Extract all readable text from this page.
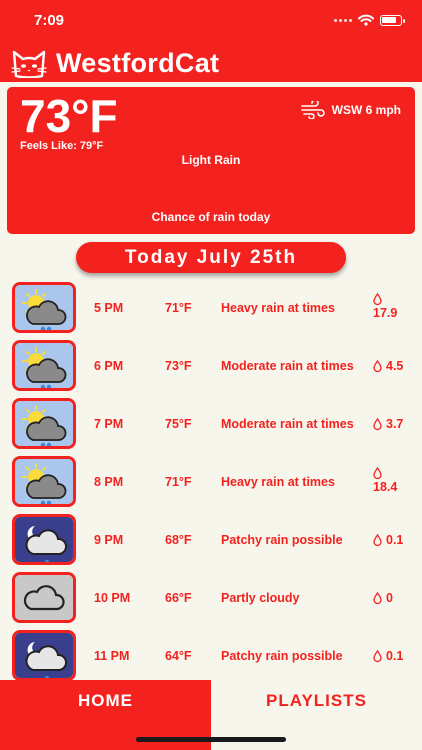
7:09
WestfordCat
73°F
Feels Like: 79°F
WSW 6 mph
Light Rain
Chance of rain today
Today July 25th
5 PM	71°F Heavy rain at times	17.9
6 PM	73°F Moderate rain at times	4.5
7 PM	75°F Moderate rain at times	3.7
8 PM	71°F Heavy rain at times	18.4
9 PM	68°F Patchy rain possible	0.1
10 PM	66°F Partly cloudy	0
11 PM	64°F Patchy rain possible	0.1
HOME	PLAYLISTS
